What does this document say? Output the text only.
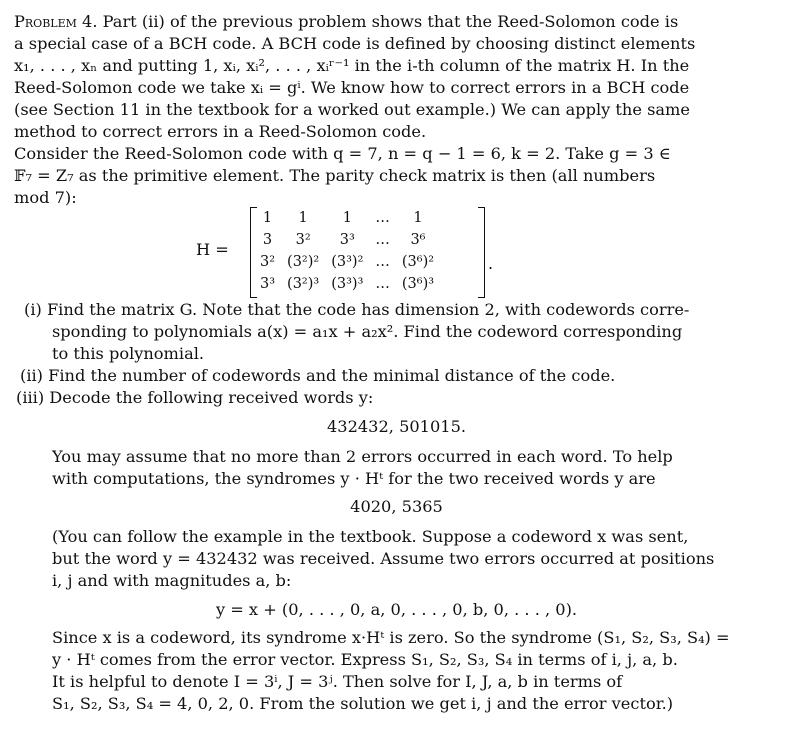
Problem 4. Part (ii) of the previous problem shows that the Reed-Solomon code is
a special case of a BCH code. A BCH code is defined by choosing distinct elements
x₁, . . . , xₙ and putting 1, xᵢ, xᵢ², . . . , xᵢʳ⁻¹ in the i-th column of the matrix H. In the
Reed-Solomon code we take xᵢ = gⁱ. We know how to correct errors in a BCH code
(see Section 11 in the textbook for a worked out example.) We can apply the same
method to correct errors in a Reed-Solomon code.
Consider the Reed-Solomon code with q = 7, n = q − 1 = 6, k = 2. Take g = 3 ∈
𝔽₇ = Z₇ as the primitive element. The parity check matrix is then (all numbers
mod 7):
H =
1	1	1	…	1
3	3²	3³	…	3⁶
3²	(3²)²	(3³)²	…	(3⁶)²
3³	(3²)³	(3³)³	…	(3⁶)³
.
(i) Find the matrix G. Note that the code has dimension 2, with codewords corre-
sponding to polynomials a(x) = a₁x + a₂x². Find the codeword corresponding
to this polynomial.
(ii) Find the number of codewords and the minimal distance of the code.
(iii) Decode the following received words y:
432432, 501015.
You may assume that no more than 2 errors occurred in each word. To help
with computations, the syndromes y · Hᵗ for the two received words y are
4020, 5365
(You can follow the example in the textbook. Suppose a codeword x was sent,
but the word y = 432432 was received. Assume two errors occurred at positions
i, j and with magnitudes a, b:
y = x + (0, . . . , 0, a, 0, . . . , 0, b, 0, . . . , 0).
Since x is a codeword, its syndrome x·Hᵗ is zero. So the syndrome (S₁, S₂, S₃, S₄) =
y · Hᵗ comes from the error vector. Express S₁, S₂, S₃, S₄ in terms of i, j, a, b.
It is helpful to denote I = 3ⁱ, J = 3ʲ. Then solve for I, J, a, b in terms of
S₁, S₂, S₃, S₄ = 4, 0, 2, 0. From the solution we get i, j and the error vector.)
